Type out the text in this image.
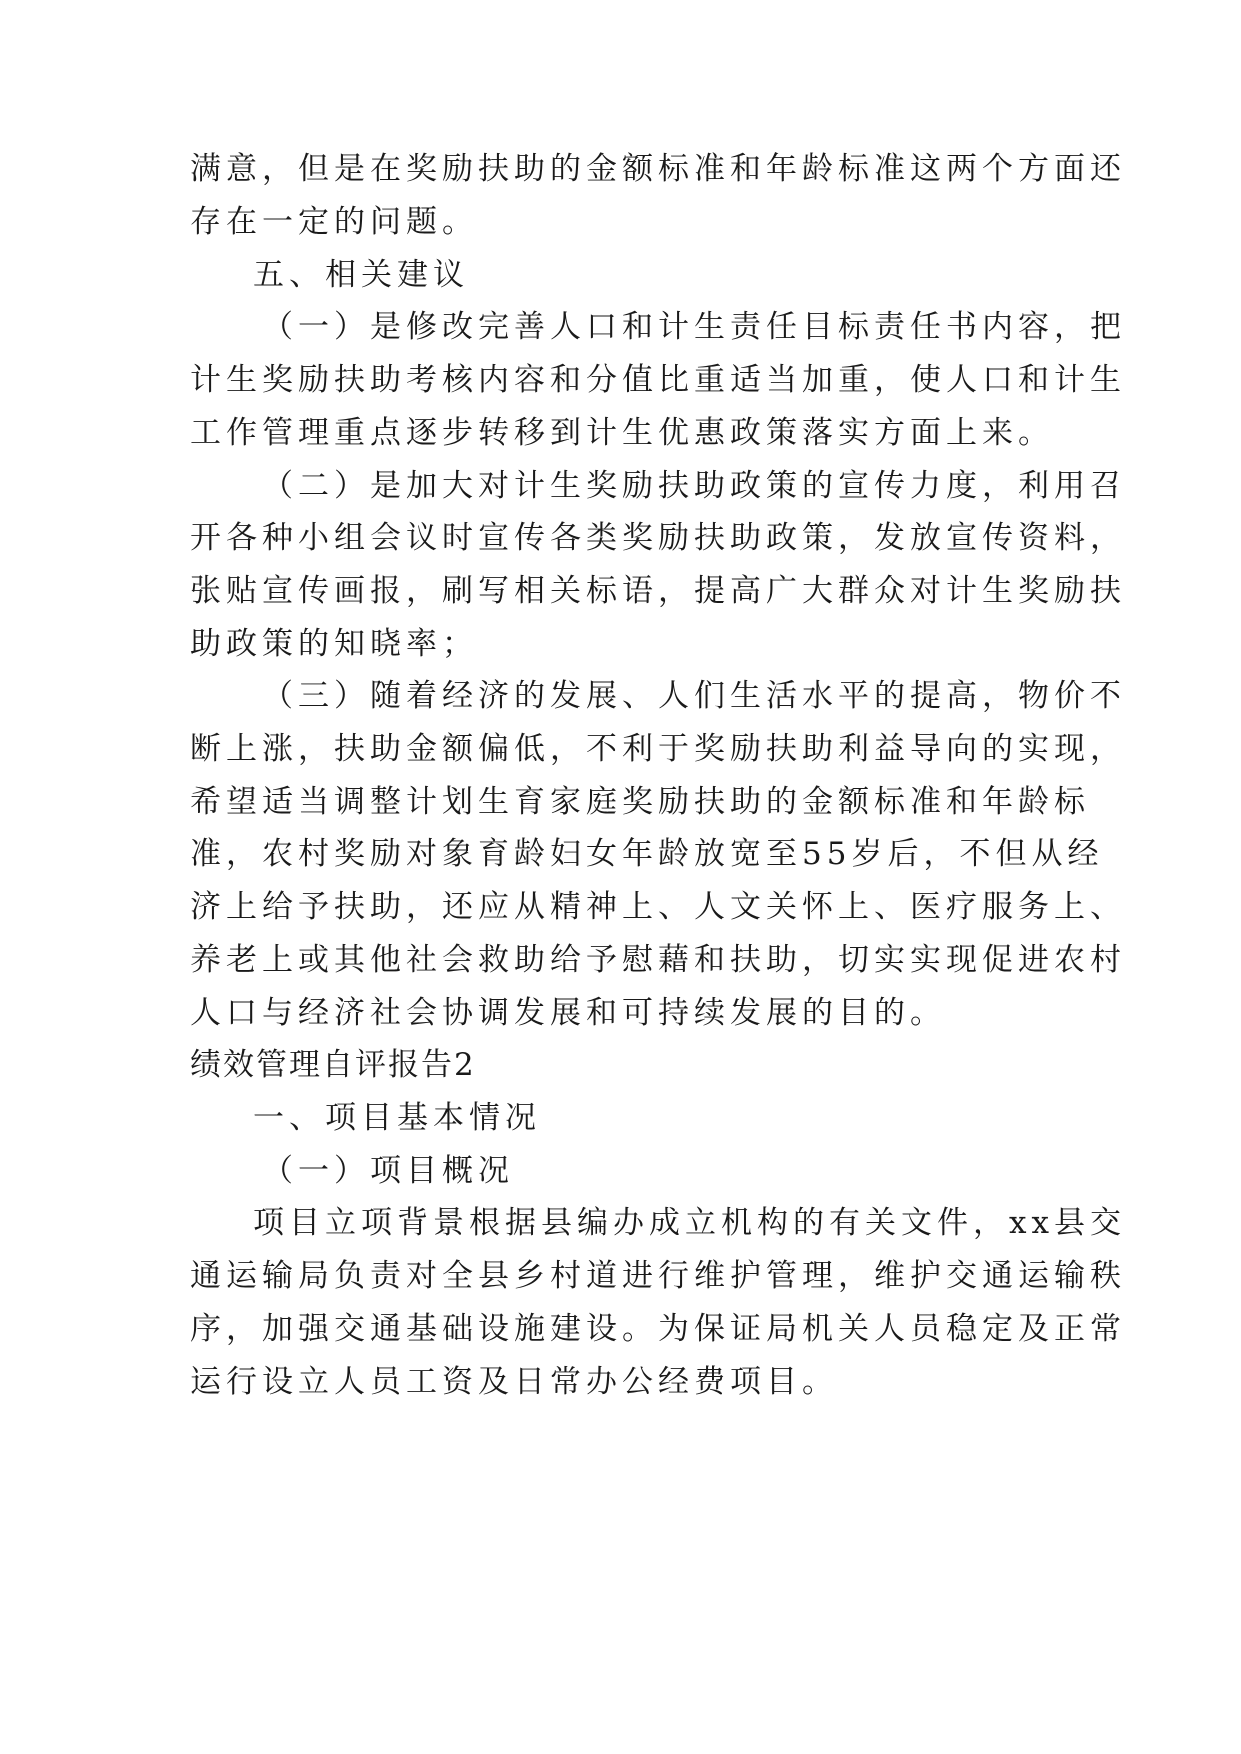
满意，但是在奖励扶助的金额标准和年龄标准这两个方面还
存在一定的问题。
五、相关建议
（一）是修改完善人口和计生责任目标责任书内容，把
计生奖励扶助考核内容和分值比重适当加重，使人口和计生
工作管理重点逐步转移到计生优惠政策落实方面上来。
（二）是加大对计生奖励扶助政策的宣传力度，利用召
开各种小组会议时宣传各类奖励扶助政策，发放宣传资料，
张贴宣传画报，刷写相关标语，提高广大群众对计生奖励扶
助政策的知晓率；
（三）随着经济的发展、人们生活水平的提高，物价不
断上涨，扶助金额偏低，不利于奖励扶助利益导向的实现，
希望适当调整计划生育家庭奖励扶助的金额标准和年龄标
准，农村奖励对象育龄妇女年龄放宽至55岁后，不但从经
济上给予扶助，还应从精神上、人文关怀上、医疗服务上、
养老上或其他社会救助给予慰藉和扶助，切实实现促进农村
人口与经济社会协调发展和可持续发展的目的。
绩效管理自评报告2
一、项目基本情况
（一）项目概况
项目立项背景根据县编办成立机构的有关文件，xx县交
通运输局负责对全县乡村道进行维护管理，维护交通运输秩
序，加强交通基础设施建设。为保证局机关人员稳定及正常
运行设立人员工资及日常办公经费项目。
